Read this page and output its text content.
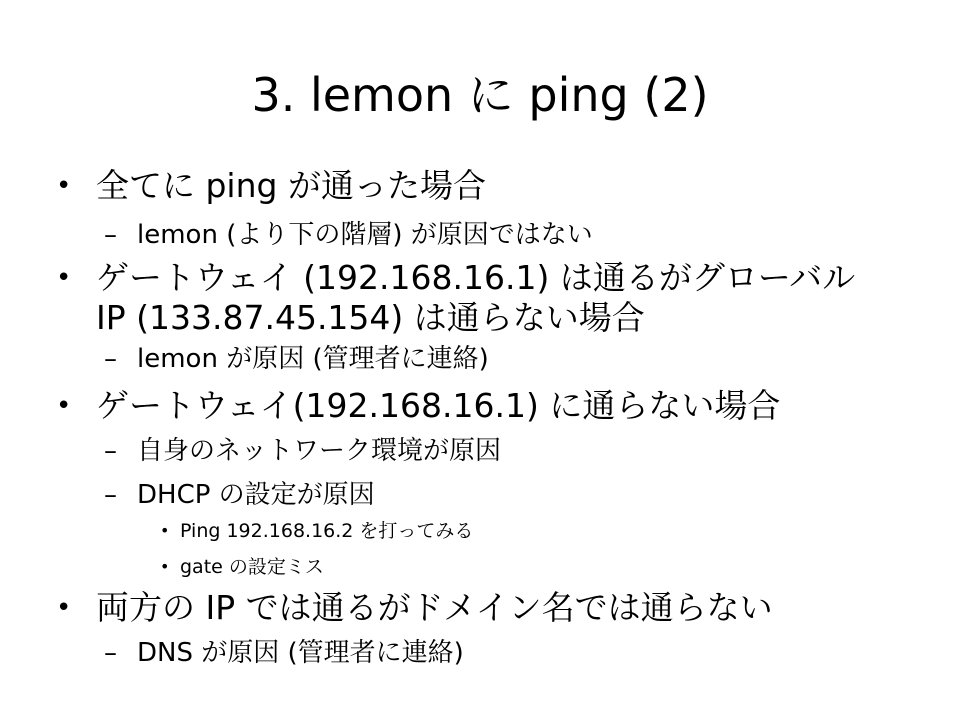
3. lemon に ping (2)
• 全てに ping が通った場合
– lemon (より下の階層) が原因ではない
• ゲートウェイ (192.168.16.1) は通るがグローバル
IP (133.87.45.154) は通らない場合
– lemon が原因 (管理者に連絡)
• ゲートウェイ(192.168.16.1) に通らない場合
– 自身のネットワーク環境が原因
– DHCP の設定が原因
• Ping 192.168.16.2 を打ってみる
• gate の設定ミス
• 両方の IP では通るがドメイン名では通らない
– DNS が原因 (管理者に連絡)
